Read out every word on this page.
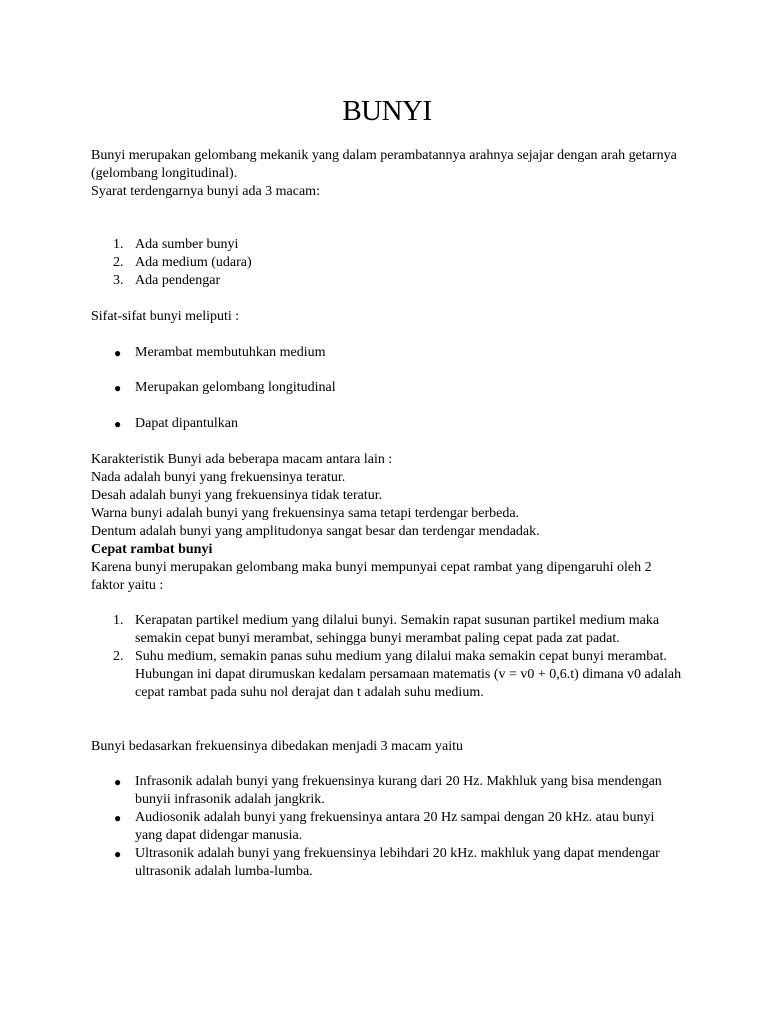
BUNYI

Bunyi merupakan gelombang mekanik yang dalam perambatannya arahnya sejajar dengan arah getarnya (gelombang longitudinal).

Syarat terdengarnya bunyi ada 3 macam:

1. Ada sumber bunyi
2. Ada medium (udara)
3. Ada pendengar

Sifat-sifat bunyi meliputi :

● Merambat membutuhkan medium
● Merupakan gelombang longitudinal
● Dapat dipantulkan

Karakteristik Bunyi ada beberapa macam antara lain :

Nada adalah bunyi yang frekuensinya teratur.

Desah adalah bunyi yang frekuensinya tidak teratur.

Warna bunyi adalah bunyi yang frekuensinya sama tetapi terdengar berbeda.

Dentum adalah bunyi yang amplitudonya sangat besar dan terdengar mendadak.

Cepat rambat bunyi

Karena bunyi merupakan gelombang maka bunyi mempunyai cepat rambat yang dipengaruhi oleh 2 faktor yaitu :

1. Kerapatan partikel medium yang dilalui bunyi. Semakin rapat susunan partikel medium maka semakin cepat bunyi merambat, sehingga bunyi merambat paling cepat pada zat padat.
2. Suhu medium, semakin panas suhu medium yang dilalui maka semakin cepat bunyi merambat. Hubungan ini dapat dirumuskan kedalam persamaan matematis (v = v0 + 0,6.t) dimana v0 adalah cepat rambat pada suhu nol derajat dan t adalah suhu medium.

Bunyi bedasarkan frekuensinya dibedakan menjadi 3 macam yaitu

● Infrasonik adalah bunyi yang frekuensinya kurang dari 20 Hz. Makhluk yang bisa mendengan bunyii infrasonik adalah jangkrik.
● Audiosonik adalah bunyi yang frekuensinya antara 20 Hz sampai dengan 20 kHz. atau bunyi yang dapat didengar manusia.
● Ultrasonik adalah bunyi yang frekuensinya lebihdari 20 kHz. makhluk yang dapat mendengar ultrasonik adalah lumba-lumba.
